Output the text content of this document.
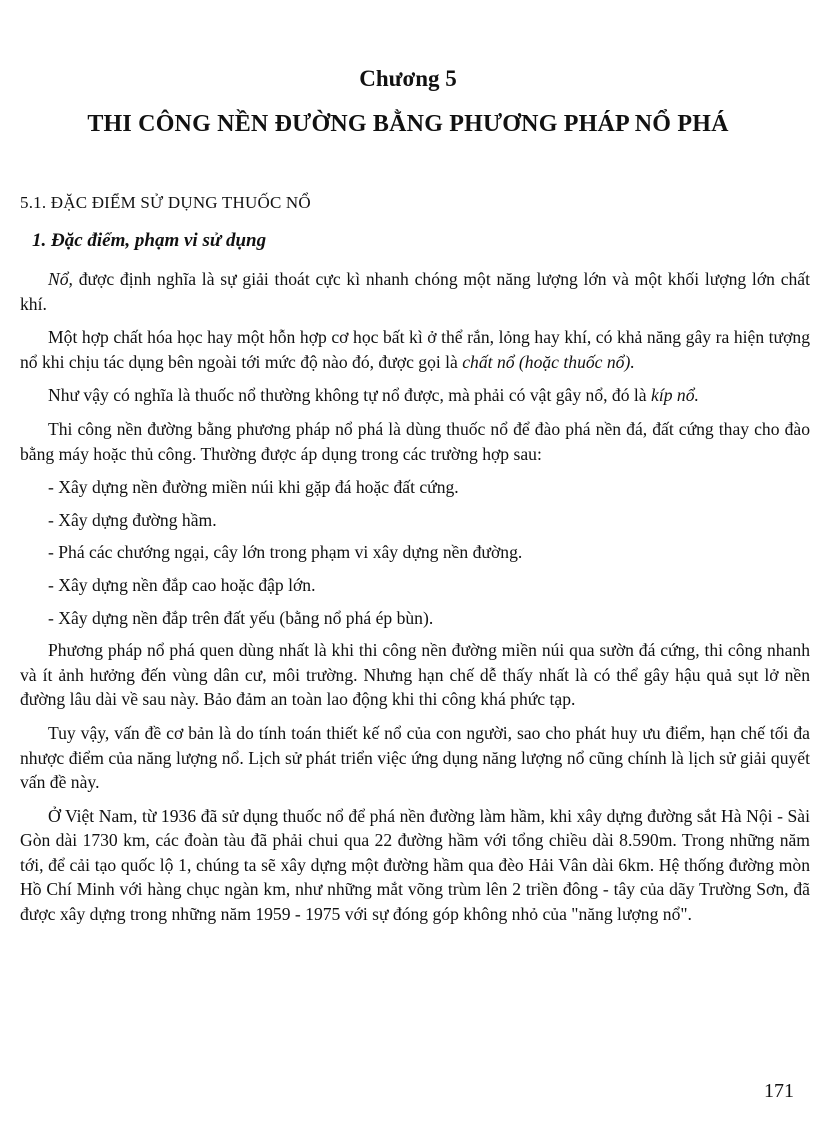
Chương 5
THI CÔNG NỀN ĐƯỜNG BẰNG PHƯƠNG PHÁP NỔ PHÁ
5.1. ĐẶC ĐIỂM SỬ DỤNG THUỐC NỔ
1. Đặc điểm, phạm vi sử dụng

Nổ, được định nghĩa là sự giải thoát cực kì nhanh chóng một năng lượng lớn và một khối lượng lớn chất khí.

Một hợp chất hóa học hay một hỗn hợp cơ học bất kì ở thể rắn, lỏng hay khí, có khả năng gây ra hiện tượng nổ khi chịu tác dụng bên ngoài tới mức độ nào đó, được gọi là chất nổ (hoặc thuốc nổ).

Như vậy có nghĩa là thuốc nổ thường không tự nổ được, mà phải có vật gây nổ, đó là kíp nổ.

Thi công nền đường bằng phương pháp nổ phá là dùng thuốc nổ để đào phá nền đá, đất cứng thay cho đào bằng máy hoặc thủ công. Thường được áp dụng trong các trường hợp sau:

- Xây dựng nền đường miền núi khi gặp đá hoặc đất cứng.
- Xây dựng đường hầm.
- Phá các chướng ngại, cây lớn trong phạm vi xây dựng nền đường.
- Xây dựng nền đắp cao hoặc đập lớn.
- Xây dựng nền đắp trên đất yếu (bằng nổ phá ép bùn).

Phương pháp nổ phá quen dùng nhất là khi thi công nền đường miền núi qua sườn đá cứng, thi công nhanh và ít ảnh hưởng đến vùng dân cư, môi trường. Nhưng hạn chế dễ thấy nhất là có thể gây hậu quả sụt lở nền đường lâu dài về sau này. Bảo đảm an toàn lao động khi thi công khá phức tạp.

Tuy vậy, vấn đề cơ bản là do tính toán thiết kế nổ của con người, sao cho phát huy ưu điểm, hạn chế tối đa nhược điểm của năng lượng nổ. Lịch sử phát triển việc ứng dụng năng lượng nổ cũng chính là lịch sử giải quyết vấn đề này.

Ở Việt Nam, từ 1936 đã sử dụng thuốc nổ để phá nền đường làm hầm, khi xây dựng đường sắt Hà Nội - Sài Gòn dài 1730 km, các đoàn tàu đã phải chui qua 22 đường hầm với tổng chiều dài 8.590m. Trong những năm tới, để cải tạo quốc lộ 1, chúng ta sẽ xây dựng một đường hầm qua đèo Hải Vân dài 6km. Hệ thống đường mòn Hồ Chí Minh với hàng chục ngàn km, như những mắt võng trùm lên 2 triền đông - tây của dãy Trường Sơn, đã được xây dựng trong những năm 1959 - 1975 với sự đóng góp không nhỏ của "năng lượng nổ".

171
